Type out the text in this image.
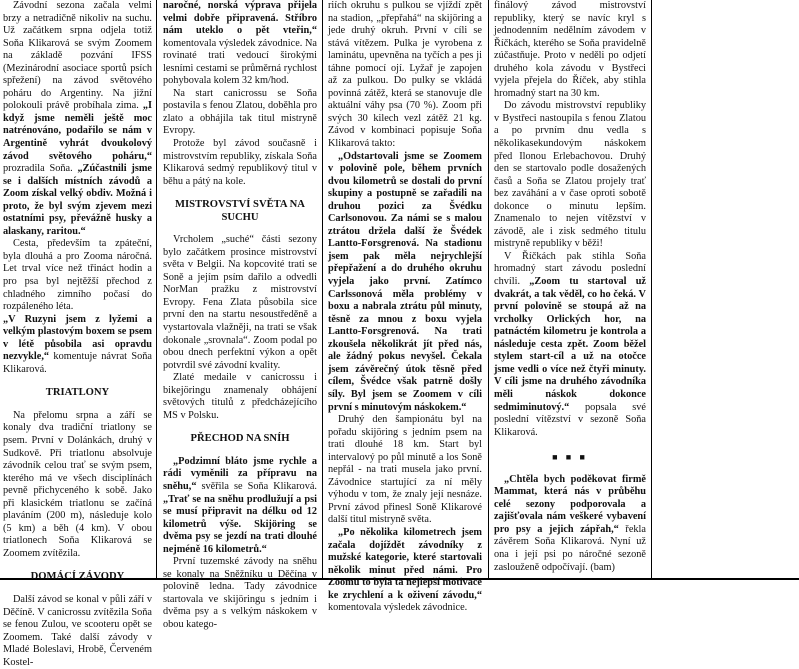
Závodní sezona začala velmi brzy a netradičně nikoliv na suchu. Už začátkem srpna odjela totiž Soňa Klikarová se svým Zoomem na základě pozvání IFSS (Mezinárodní asociace sportů psích spřežení) na závod světového poháru do Argentiny. Na jižní polokouli právě probíhala zima. „I když jsme neměli ještě moc natrénováno, podařilo se nám v Argentině vyhrát dvoukolový závod světového poháru,“ prozradila Soňa. „Zúčastnili jsme se i dalších místních závodů a Zoom získal velký obdiv. Možná i proto, že byl svým zjevem mezi ostatními psy, převážně husky a alaskany, raritou.“

Cesta, především ta zpáteční, byla dlouhá a pro Zooma náročná. Let trval více než třináct hodin a pro psa byl nejtěžší přechod z chladného zimního počasí do rozpáleného léta.
„V Ruzyni jsem z lyžemi a velkým plastovým boxem se psem v létě působila asi opravdu nezvykle,“ komentuje návrat Soňa Klikarová.

TRIATLONY

Na přelomu srpna a září se konaly dva tradiční triatlony se psem. První v Dolánkách, druhý v Sudkově. Při triatlonu absolvuje závodník celou trať se svým psem, kterého má ve všech disciplínách pevně přichyceného k sobě. Jako při klasickém triatlonu se začíná plaváním (200 m), následuje kolo (5 km) a běh (4 km). V obou triatlonech Soňa Klikarová se Zoomem zvítězila.

DOMÁCÍ ZÁVODY

Další závod se konal v půli září v Děčíně. V canicrossu zvítězila Soňa se fenou Zulou, ve scooteru opět se Zoomem. Také další závody v Mladé Boleslavi, Hrobě, Červeném Kostel-

naročné, norská výprava přijela velmi dobře připravená. Stříbro nám uteklo o pět vteřin,“ komentovala výsledek závodnice. Na rovinaté trati vedoucí širokými lesními cestami se průměrná rychlost pohybovala kolem 32 km/hod.

Na start canicrossu se Soňa postavila s fenou Zlatou, doběhla pro zlato a obhájila tak titul mistryně Evropy.

Protože byl závod současně i mistrovstvím republiky, získala Soňa Klikarová sedmý republikový titul v běhu a pátý na kole.

MISTROVSTVÍ SVĚTA NA SUCHU

Vrcholem „suché“ části sezony bylo začátkem prosince mistrovství světa v Belgii. Na kopcovité trati se Soně a jejím psím dařilo a odvedli NorMan pražku z mistrovství Evropy. Fena Zlata působila sice první den na startu nesoustředěně a vystartovala vlažněji, na trati se však dokonale „srovnala“. Zoom podal po obou dnech perfektní výkon a opět potvrdil své závodní kvality.

Zlaté medaile v canicrossu i bikejöringu znamenaly obhájení světových titulů z předcházejícího MS v Polsku.

PŘECHOD NA SNÍH

„Podzimní bláto jsme rychle a rádi vyměnili za přípravu na sněhu,“ svěřila se Soňa Klikarová. „Trať se na sněhu prodlužují a psi se musí připravit na délku od 12 kilometrů výše. Skijöring se dvěma psy se jezdí na trati dlouhé nejméně 16 kilometrů.“

První tuzemské závody na sněhu se konaly na Sněžníku u Děčína v polovině ledna. Tady závodnice startovala ve skijöringu s jedním i dvěma psy a s velkým náskokem v obou katego-

riích okruhu s pulkou se vjíždí zpět na stadion, „přepřahá“ na skijöring a jede druhý okruh. První v cíli se stává vítězem. Pulka je vyrobena z laminátu, upevněna na tyčích a pes ji táhne pomocí ojí. Lyžař je zapojen až za pulkou. Do pulky se vkládá povinná zátěž, která se stanovuje dle aktuální váhy psa (70 %). Zoom při svých 30 kilech vezl zátěž 21 kg. Závod v kombinaci popisuje Soňa Klikarová takto:

„Odstartovali jsme se Zoomem v polovině pole, během prvních dvou kilometrů se dostali do první skupiny a postupně se zařadili na druhou pozici za Švédku Carlsonovou. Za námi se s malou ztrátou držela další že Švédek Lantto-Forsgrenová. Na stadionu jsem pak měla nejrychlejší přepřažení a do druhého okruhu vyjela jako první. Zatímco Carlssonová měla problémy v boxu a nabrala ztrátu půl minuty, těsně za mnou z boxu vyjela Lantto-Forsgrenová. Na trati zkoušela několikrát jít před nás, ale žádný pokus nevyšel. Čekala jsem závěrečný útok těsně před cílem, Švédce však patrně došly síly. Byl jsem se Zoomem v cíli první s minutovým náskokem.“

Druhý den šampionátu byl na pořadu skijöring s jedním psem na trati dlouhé 18 km. Start byl intervalový po půl minutě a los Soně nepřál - na trati musela jako první. Závodnice startující za ní měly výhodu v tom, že znaly její nesnáze. První závod přinesl Soně Klikarové další titul mistryně světa.

„Po několika kilometrech jsem začala dojíždět závodníky z mužské kategorie, které startovali několik minut před námi. Pro Zoomu to byla ta nejlepší motivace ke zrychlení a k oživení závodu,“ komentovala výsledek závodnice.

finálový závod mistrovství republiky, který se navíc kryl s jednodenním nedělním závodem v Říčkách, kterého se Soňa pravidelně zúčastňuje. Proto v neděli po odjetí druhého kola závodu v Bystřeci vyjela přejela do Říček, aby stihla hromadný start na 30 km.

Do závodu mistrovství republiky v Bystřeci nastoupila s fenou Zlatou a po prvním dnu vedla s několikasekundovým náskokem před Ilonou Erlebachovou. Druhý den se startovalo podle dosažených časů a Soňa se Zlatou projely trať bez zaváhání a v čase oproti sobotě dokonce o minutu lepším. Znamenalo to nejen vítězství v závodě, ale i zisk sedmého titulu mistryně republiky v běži!

V Říčkách pak stihla Soňa hromadný start závodu poslední chvíli. „Zoom tu startoval už dvakrát, a tak věděl, co ho čeká. V první polovině se stoupá až na vrcholky Orlických hor, na patnáctém kilometru je kontrola a následuje cesta zpět. Zoom běžel stylem start-cíl a už na otočce jsme vedli o více než čtyři minuty. V cíli jsme na druhého závodníka měli náskok dokonce sedmiminutový.“ popsala své poslední vítězství v sezoně Soňa Klikarová.

■ ■ ■

„Chtěla bych poděkovat firmě Mammat, která nás v průběhu celé sezony podporovala a zajišťovala nám veškeré vybavení pro psy a jejich zápřah,“ řekla závěrem Soňa Klikarová. Nyní už ona i její psi po náročné sezoně zaslouženě odpočívají. (bam)
